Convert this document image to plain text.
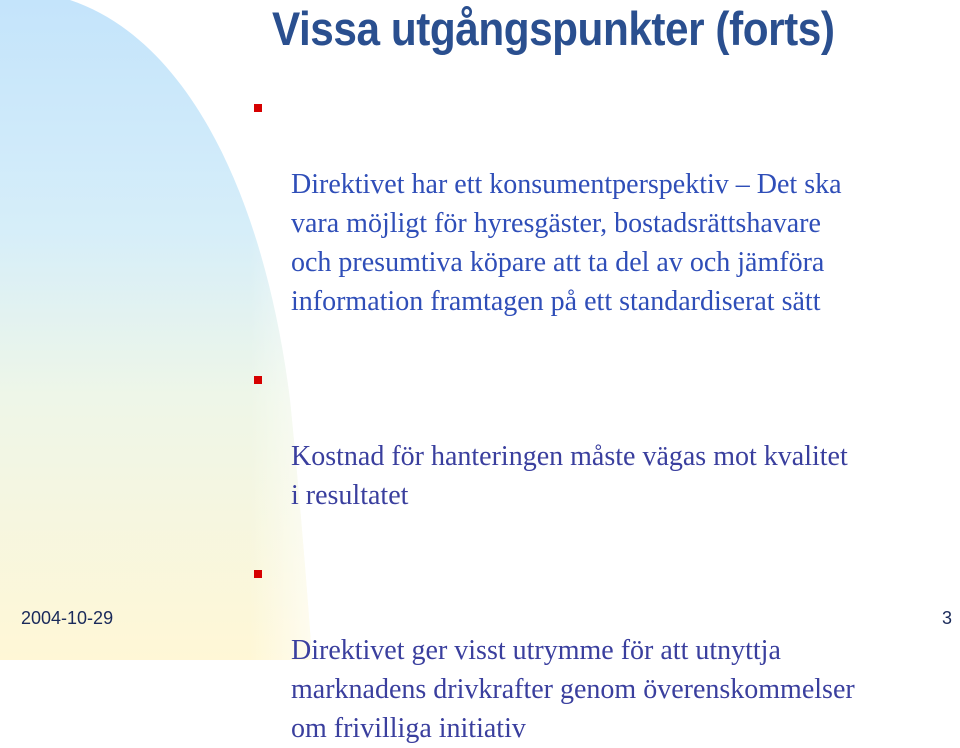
Vissa utgångspunkter (forts)

Direktivet har ett konsumentperspektiv – Det ska
vara möjligt för hyresgäster, bostadsrättshavare
och presumtiva köpare att ta del av och jämföra
information framtagen på ett standardiserat sätt

Kostnad för hanteringen måste vägas mot kvalitet
i resultatet

Direktivet ger visst utrymme för att utnyttja
marknadens drivkrafter genom överenskommelser
om frivilliga initiativ

2004-10-29	3
